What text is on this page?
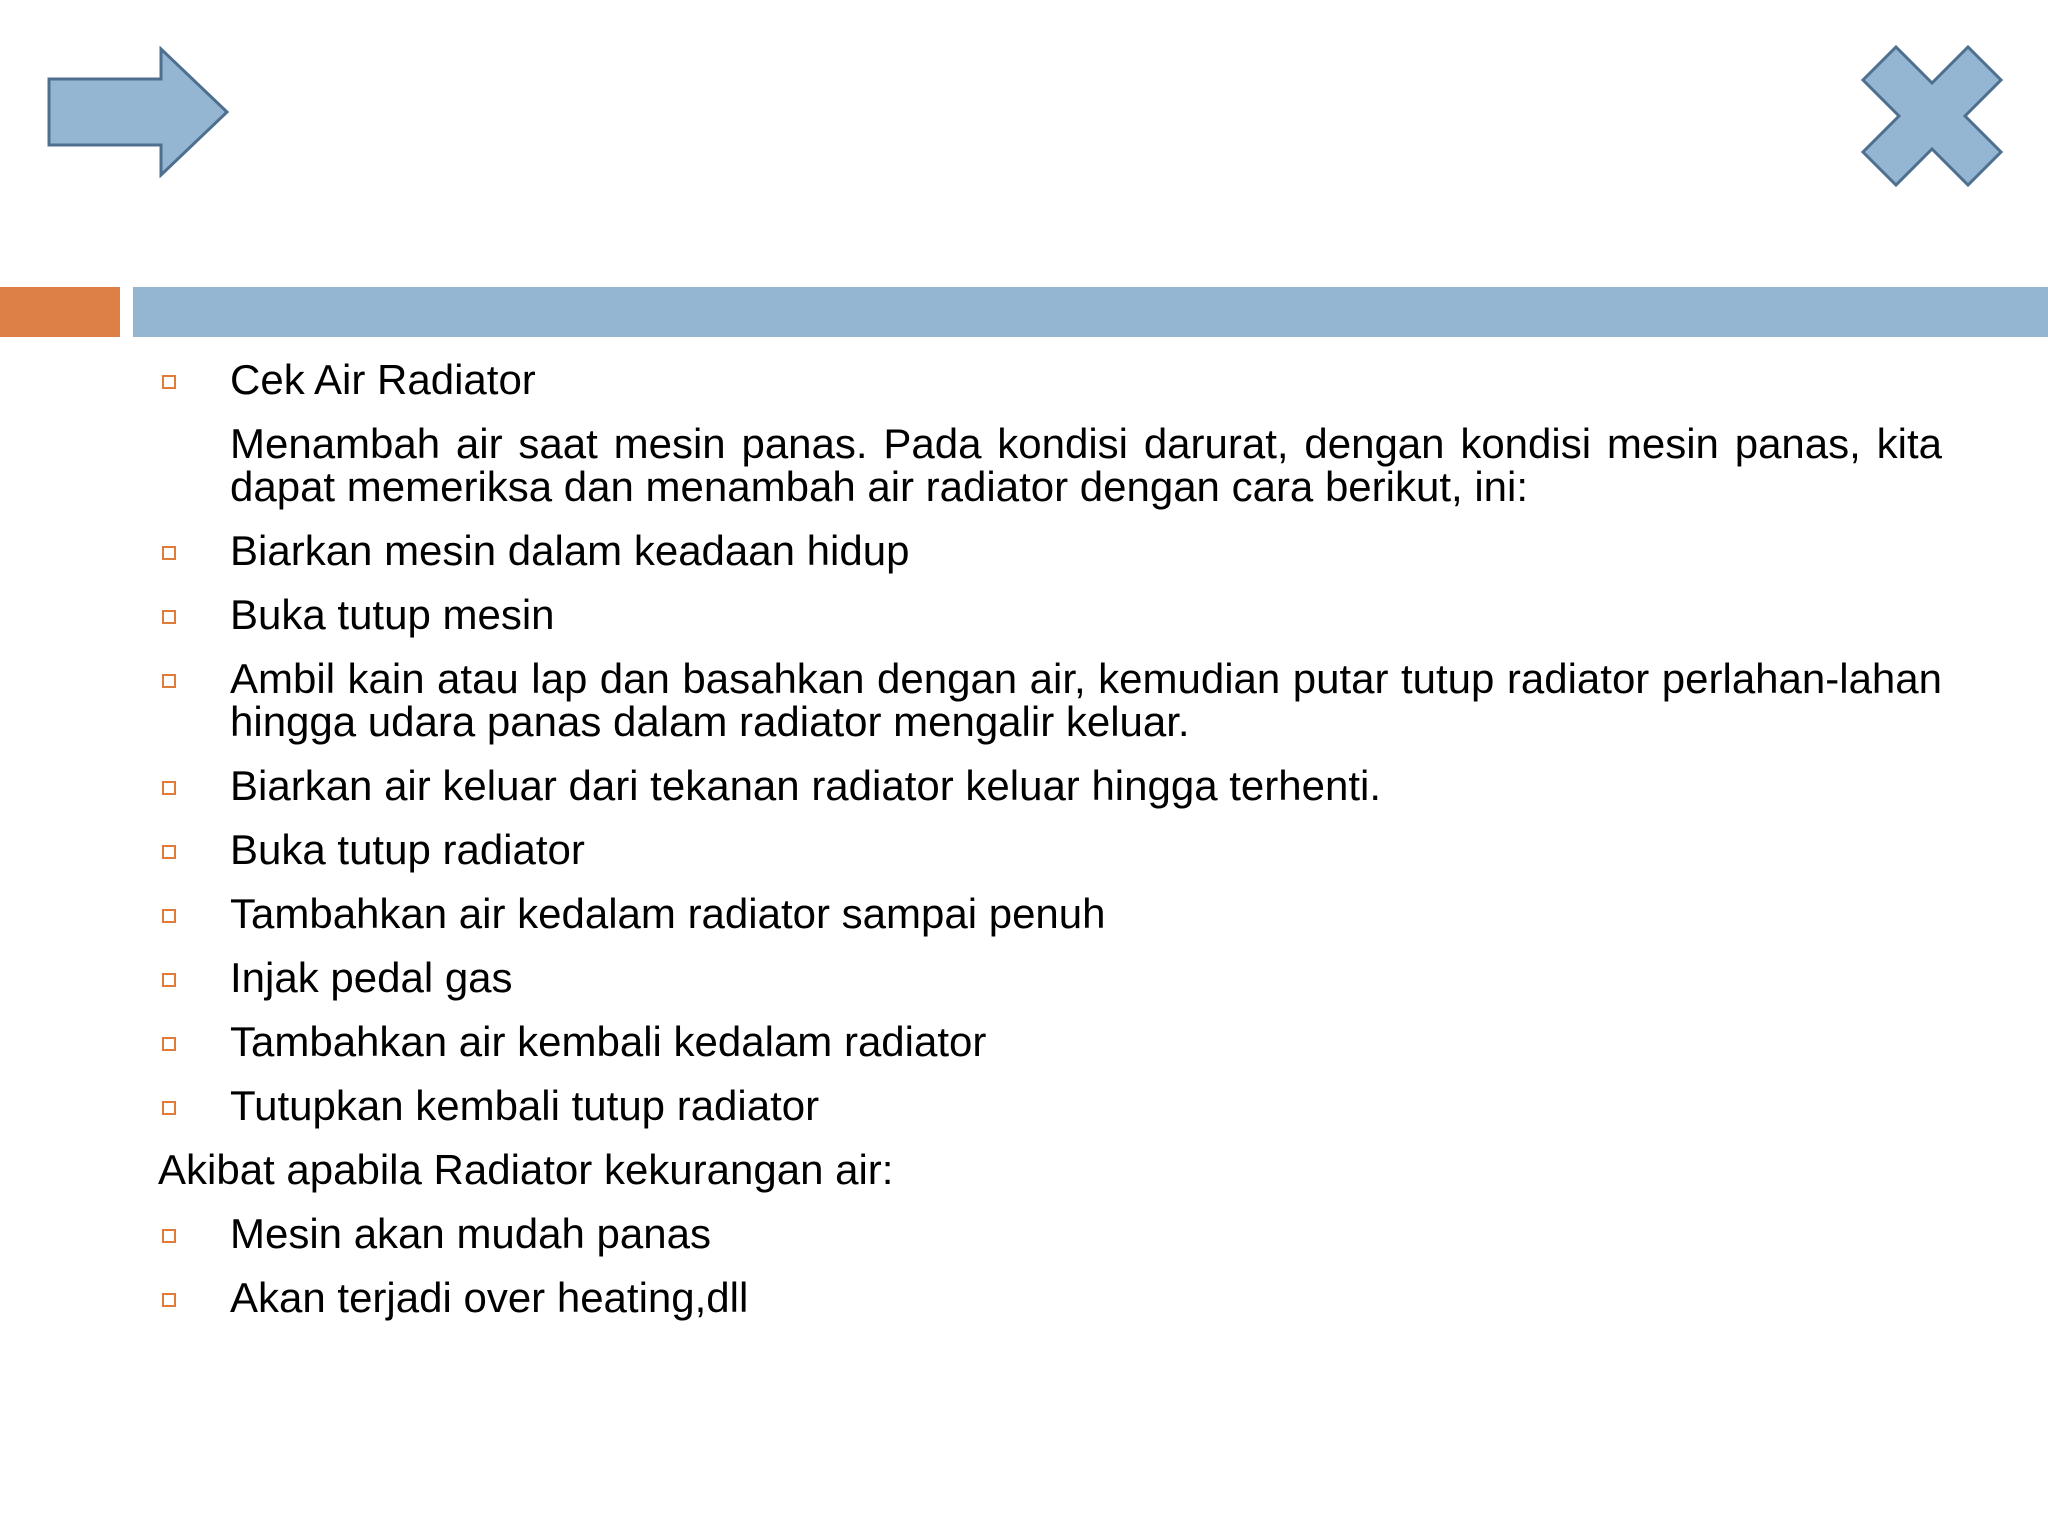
Cek Air Radiator
Menambah air saat mesin panas. Pada kondisi darurat, dengan kondisi mesin panas, kita dapat memeriksa dan menambah air radiator dengan cara berikut, ini:
Biarkan mesin dalam keadaan hidup
Buka tutup mesin
Ambil kain atau lap dan basahkan dengan air, kemudian putar tutup radiator perlahan-lahan hingga udara panas dalam radiator mengalir keluar.
Biarkan air keluar dari tekanan radiator keluar hingga terhenti.
Buka tutup radiator
Tambahkan air kedalam radiator sampai penuh
Injak pedal gas
Tambahkan air kembali kedalam radiator
Tutupkan kembali tutup radiator
Akibat apabila Radiator kekurangan air:
Mesin akan mudah panas
Akan terjadi over heating,dll
